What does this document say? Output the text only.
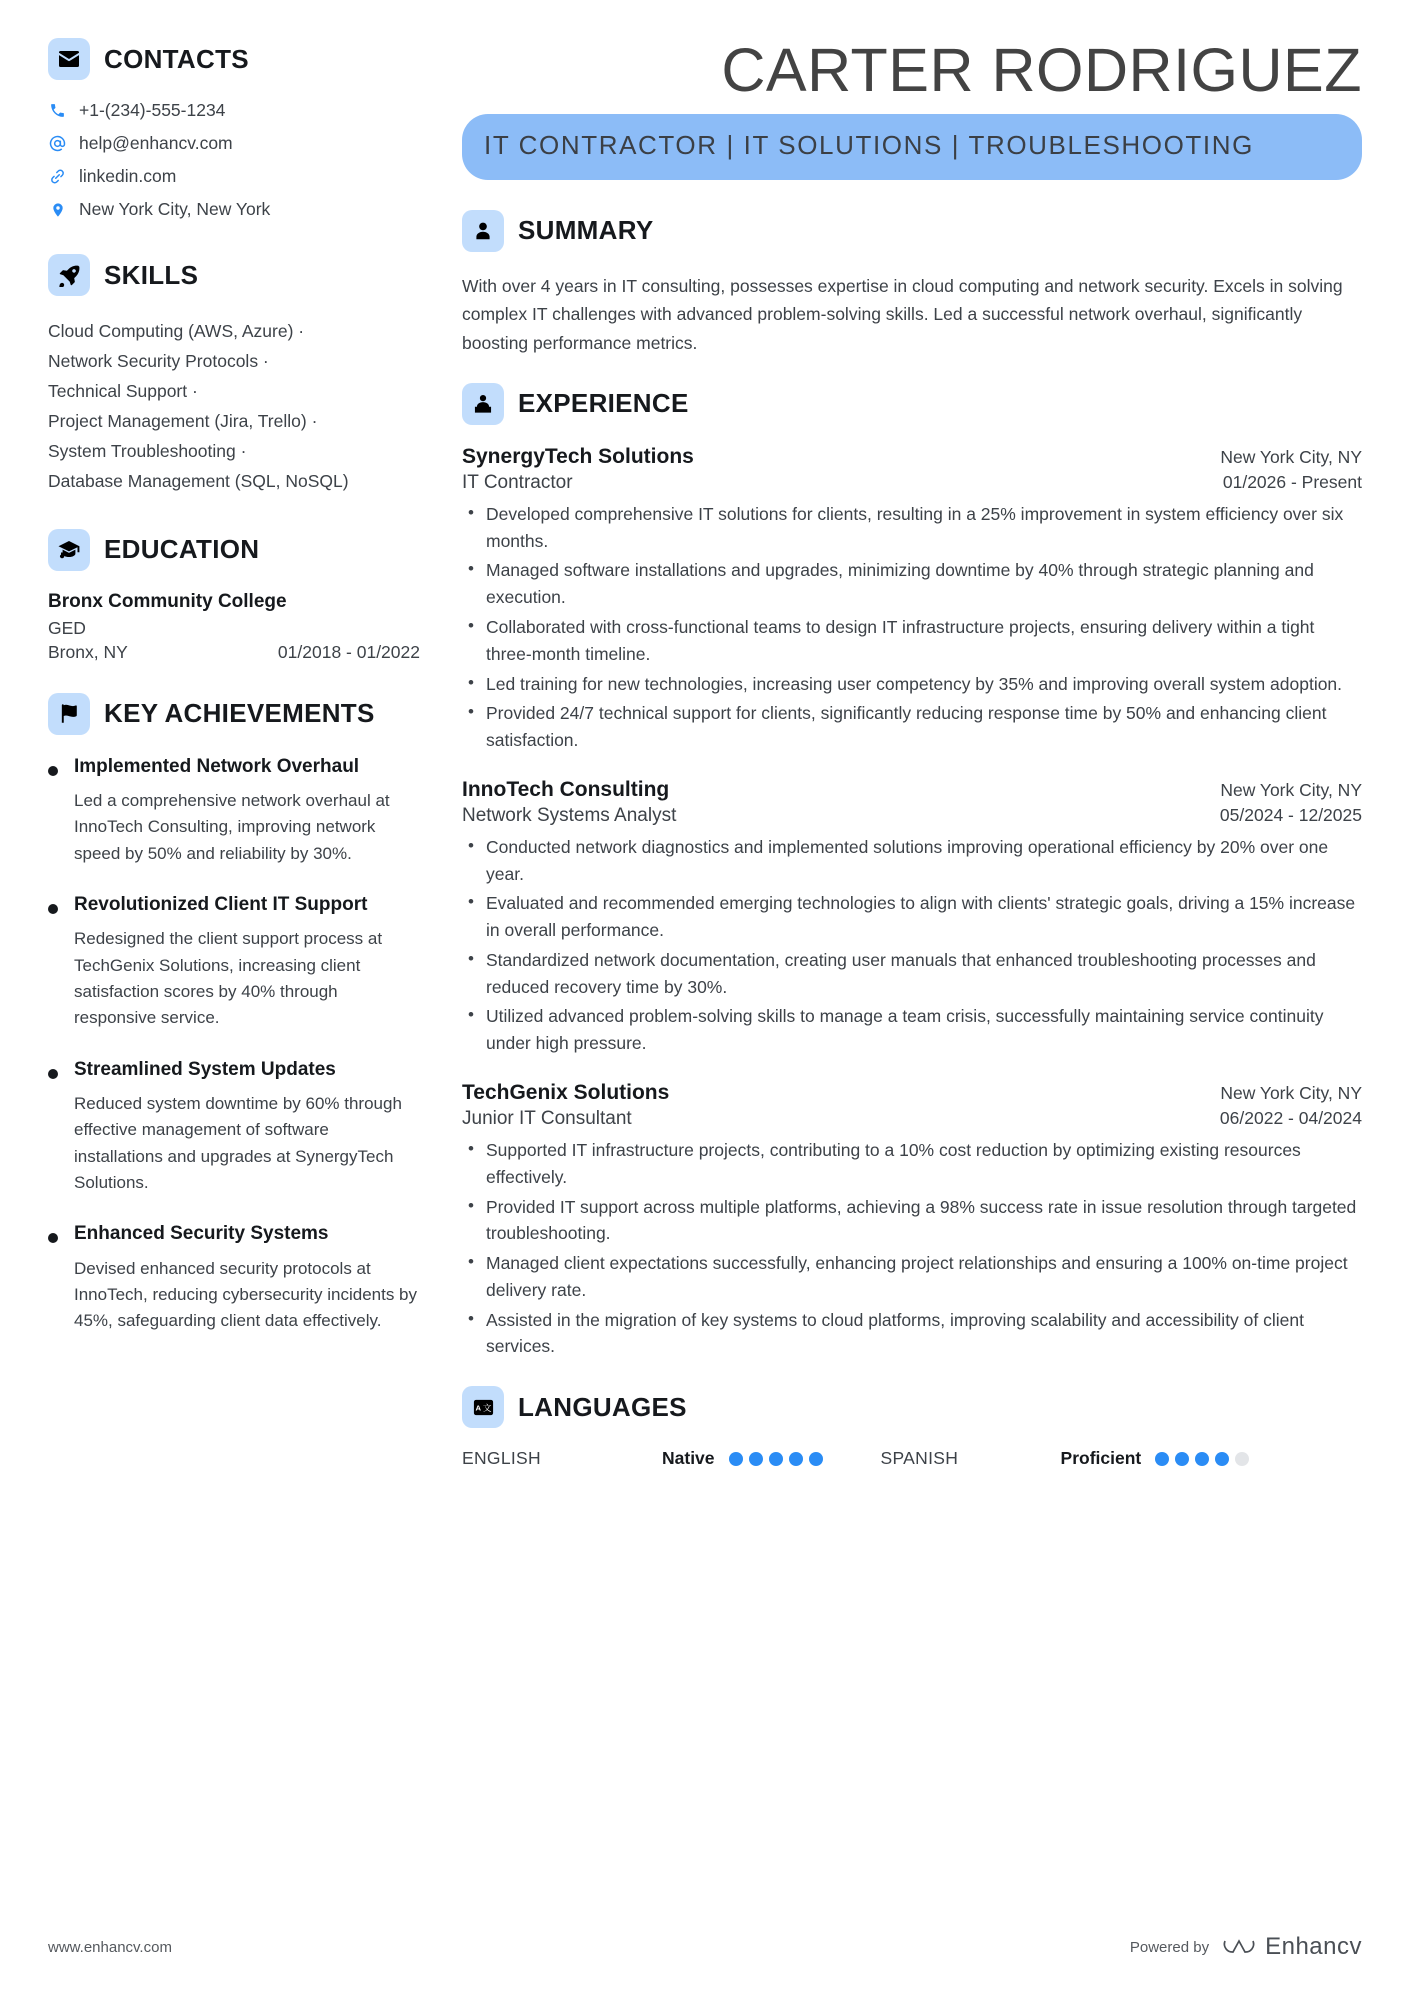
CONTACTS
+1-(234)-555-1234
help@enhancv.com
linkedin.com
New York City, New York
SKILLS
Cloud Computing (AWS, Azure) ·
Network Security Protocols ·
Technical Support ·
Project Management (Jira, Trello) ·
System Troubleshooting ·
Database Management (SQL, NoSQL)
EDUCATION
Bronx Community College
GED
Bronx, NY	01/2018 - 01/2022
KEY ACHIEVEMENTS
Implemented Network Overhaul
Led a comprehensive network overhaul at InnoTech Consulting, improving network speed by 50% and reliability by 30%.
Revolutionized Client IT Support
Redesigned the client support process at TechGenix Solutions, increasing client satisfaction scores by 40% through responsive service.
Streamlined System Updates
Reduced system downtime by 60% through effective management of software installations and upgrades at SynergyTech Solutions.
Enhanced Security Systems
Devised enhanced security protocols at InnoTech, reducing cybersecurity incidents by 45%, safeguarding client data effectively.
CARTER RODRIGUEZ
IT CONTRACTOR | IT SOLUTIONS | TROUBLESHOOTING
SUMMARY
With over 4 years in IT consulting, possesses expertise in cloud computing and network security. Excels in solving complex IT challenges with advanced problem-solving skills. Led a successful network overhaul, significantly boosting performance metrics.
EXPERIENCE
SynergyTech Solutions	New York City, NY
IT Contractor	01/2026 - Present
• Developed comprehensive IT solutions for clients, resulting in a 25% improvement in system efficiency over six months.
• Managed software installations and upgrades, minimizing downtime by 40% through strategic planning and execution.
• Collaborated with cross-functional teams to design IT infrastructure projects, ensuring delivery within a tight three-month timeline.
• Led training for new technologies, increasing user competency by 35% and improving overall system adoption.
• Provided 24/7 technical support for clients, significantly reducing response time by 50% and enhancing client satisfaction.
InnoTech Consulting	New York City, NY
Network Systems Analyst	05/2024 - 12/2025
• Conducted network diagnostics and implemented solutions improving operational efficiency by 20% over one year.
• Evaluated and recommended emerging technologies to align with clients' strategic goals, driving a 15% increase in overall performance.
• Standardized network documentation, creating user manuals that enhanced troubleshooting processes and reduced recovery time by 30%.
• Utilized advanced problem-solving skills to manage a team crisis, successfully maintaining service continuity under high pressure.
TechGenix Solutions	New York City, NY
Junior IT Consultant	06/2022 - 04/2024
• Supported IT infrastructure projects, contributing to a 10% cost reduction by optimizing existing resources effectively.
• Provided IT support across multiple platforms, achieving a 98% success rate in issue resolution through targeted troubleshooting.
• Managed client expectations successfully, enhancing project relationships and ensuring a 100% on-time project delivery rate.
• Assisted in the migration of key systems to cloud platforms, improving scalability and accessibility of client services.
A 文 LANGUAGES
ENGLISH	Native	SPANISH	Proficient
www.enhancv.com	Powered by Enhancv
